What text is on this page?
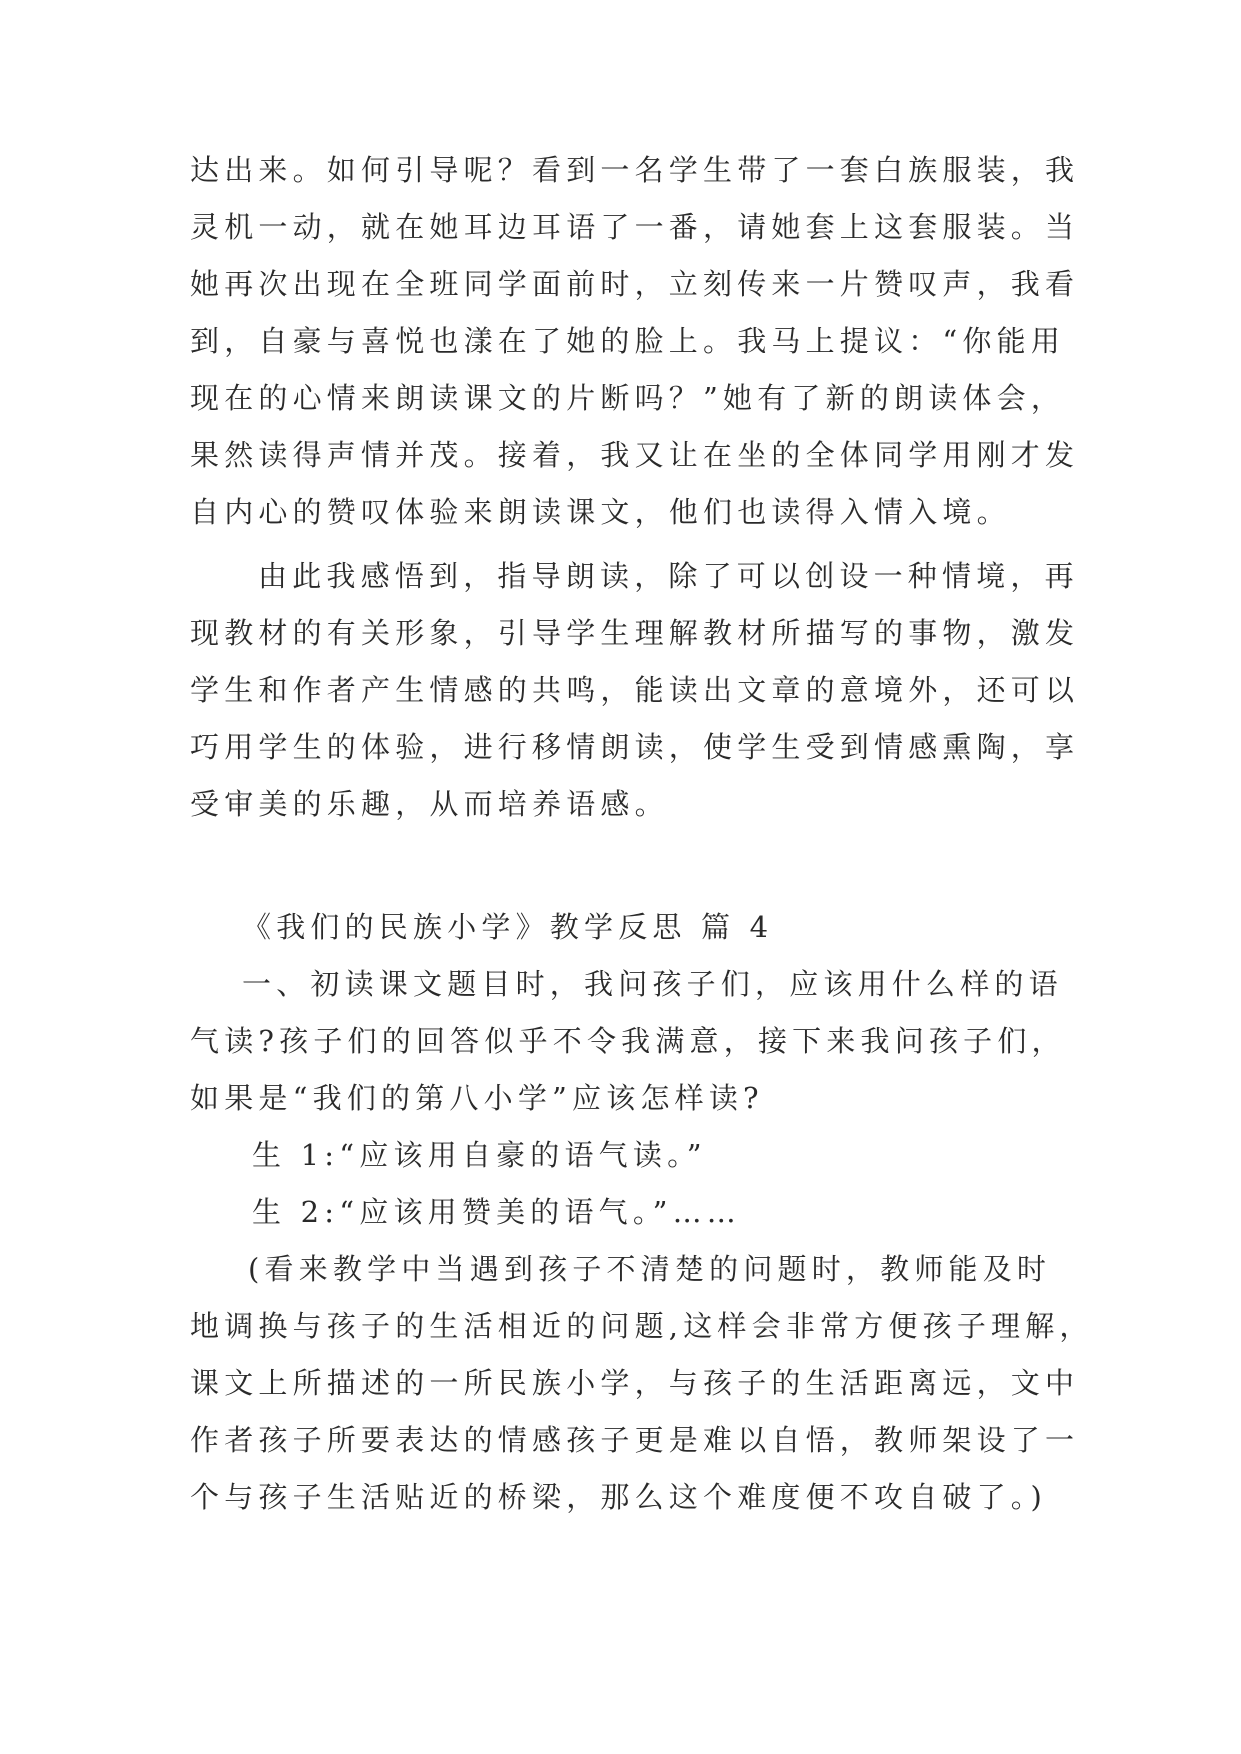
达出来。如何引导呢？看到一名学生带了一套白族服装，我
灵机一动，就在她耳边耳语了一番，请她套上这套服装。当
她再次出现在全班同学面前时，立刻传来一片赞叹声，我看
到，自豪与喜悦也漾在了她的脸上。我马上提议：“你能用
现在的心情来朗读课文的片断吗？”她有了新的朗读体会，
果然读得声情并茂。接着，我又让在坐的全体同学用刚才发
自内心的赞叹体验来朗读课文，他们也读得入情入境。
由此我感悟到，指导朗读，除了可以创设一种情境，再
现教材的有关形象，引导学生理解教材所描写的事物，激发
学生和作者产生情感的共鸣，能读出文章的意境外，还可以
巧用学生的体验，进行移情朗读，使学生受到情感熏陶，享
受审美的乐趣，从而培养语感。
《我们的民族小学》教学反思 篇 4
一、初读课文题目时，我问孩子们，应该用什么样的语
气读?孩子们的回答似乎不令我满意，接下来我问孩子们，
如果是“我们的第八小学”应该怎样读?
生 1:“应该用自豪的语气读。”
生 2:“应该用赞美的语气。”……
(看来教学中当遇到孩子不清楚的问题时，教师能及时
地调换与孩子的生活相近的问题,这样会非常方便孩子理解，
课文上所描述的一所民族小学，与孩子的生活距离远，文中
作者孩子所要表达的情感孩子更是难以自悟，教师架设了一
个与孩子生活贴近的桥梁，那么这个难度便不攻自破了。)
